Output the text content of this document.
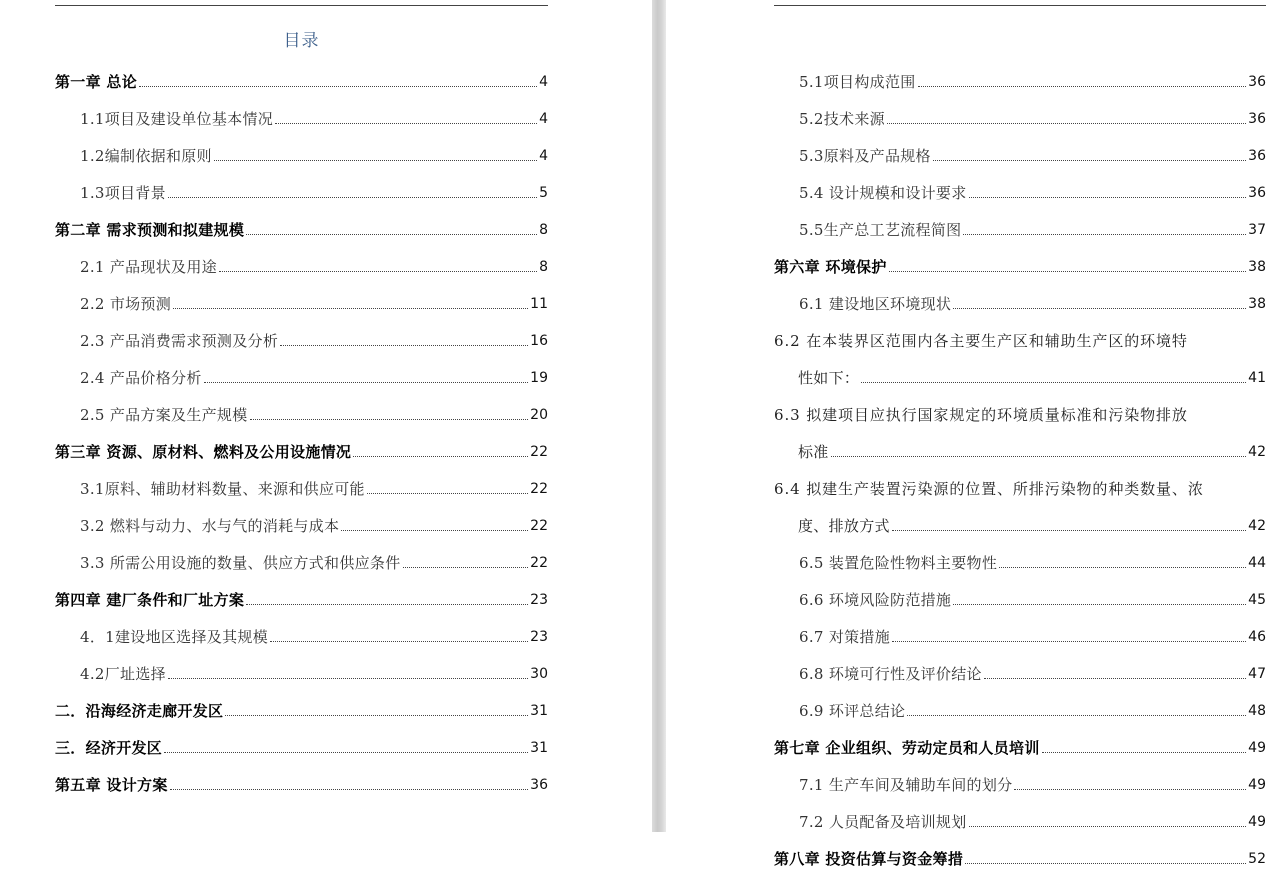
目录
第一章 总论	4
1.1项目及建设单位基本情况	4
1.2编制依据和原则	4
1.3项目背景	5
第二章 需求预测和拟建规模	8
2.1 产品现状及用途	8
2.2 市场预测	11
2.3 产品消费需求预测及分析	16
2.4 产品价格分析	19
2.5 产品方案及生产规模	20
第三章 资源、原材料、燃料及公用设施情况	22
3.1原料、辅助材料数量、来源和供应可能	22
3.2 燃料与动力、水与气的消耗与成本	22
3.3 所需公用设施的数量、供应方式和供应条件	22
第四章 建厂条件和厂址方案	23
4．1建设地区选择及其规模	23
4.2厂址选择	30
二．沿海经济走廊开发区	31
三．经济开发区	31
第五章 设计方案	36
5.1项目构成范围	36
5.2技术来源	36
5.3原料及产品规格	36
5.4 设计规模和设计要求	36
5.5生产总工艺流程简图	37
第六章 环境保护	38
6.1 建设地区环境现状	38
6.2 在本装界区范围内各主要生产区和辅助生产区的环境特
性如下：	41
6.3 拟建项目应执行国家规定的环境质量标准和污染物排放
标准	42
6.4 拟建生产装置污染源的位置、所排污染物的种类数量、浓
度、排放方式	42
6.5 装置危险性物料主要物性	44
6.6 环境风险防范措施	45
6.7 对策措施	46
6.8 环境可行性及评价结论	47
6.9 环评总结论	48
第七章 企业组织、劳动定员和人员培训	49
7.1 生产车间及辅助车间的划分	49
7.2 人员配备及培训规划	49
第八章 投资估算与资金筹措	52
